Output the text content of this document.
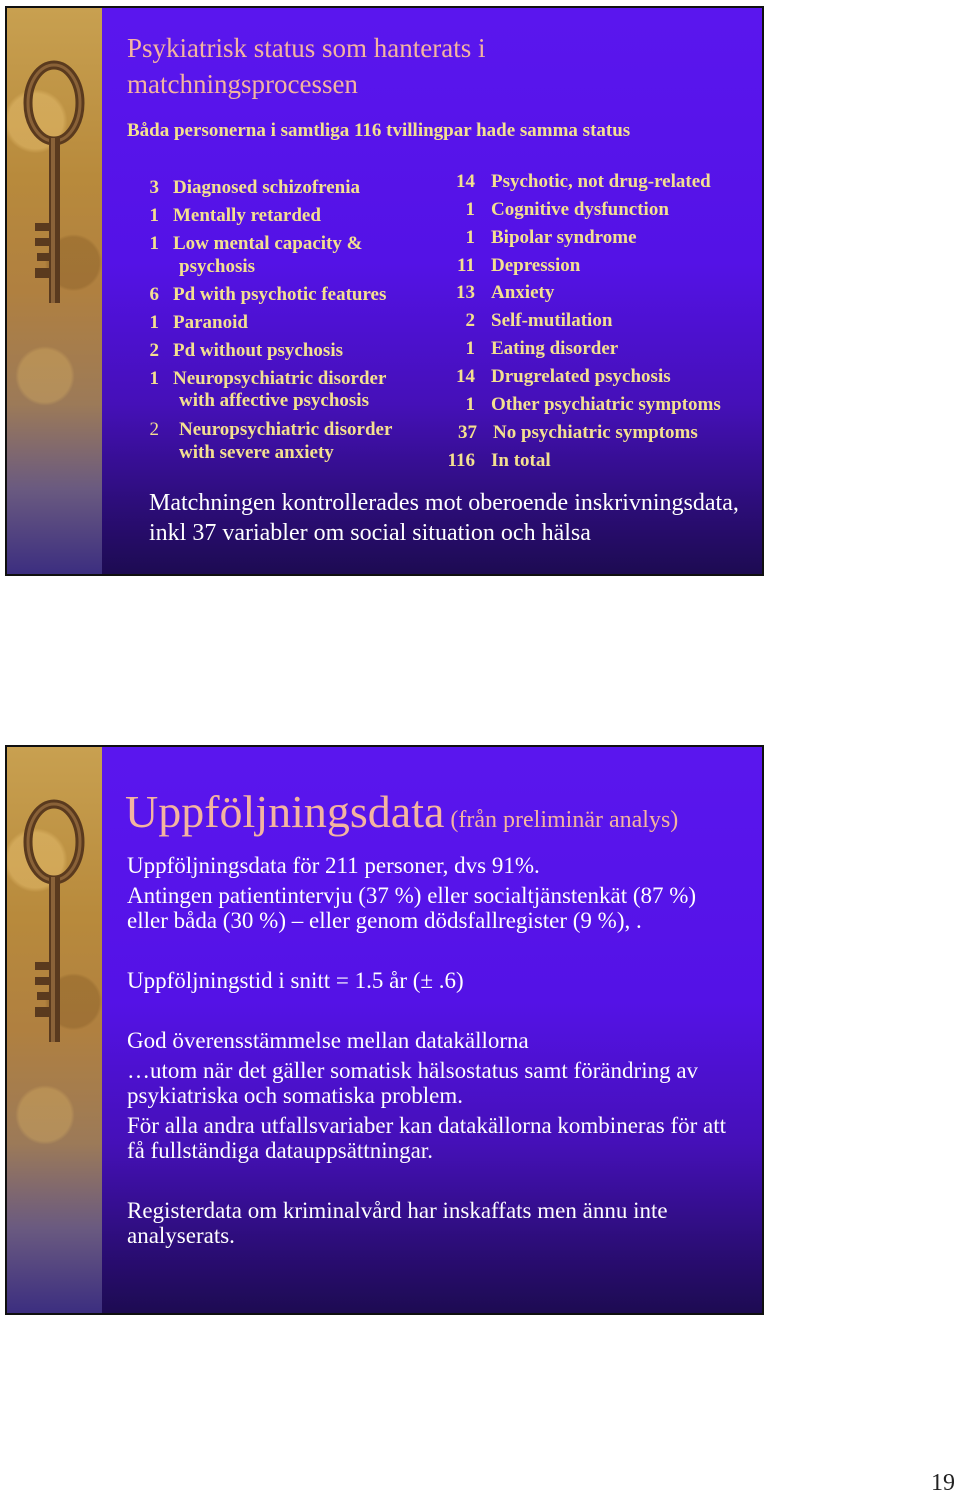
Psykiatrisk status som hanterats i matchningsprocessen
Båda personerna i samtliga 116 tvillingpar hade samma status
3 Diagnosed schizofrenia
1 Mentally retarded
1 Low mental capacity &
psychosis
6 Pd with psychotic features
1 Paranoid
2 Pd without psychosis
1 Neuropsychiatric disorder
with affective psychosis
2 Neuropsychiatric disorder
with severe anxiety
14 Psychotic, not drug-related
1 Cognitive dysfunction
1 Bipolar syndrome
11 Depression
13 Anxiety
2 Self-mutilation
1 Eating disorder
14 Drugrelated psychosis
1 Other psychiatric symptoms
37 No psychiatric symptoms
116 In total
Matchningen kontrollerades mot oberoende inskrivningsdata, inkl 37 variabler om social situation och hälsa
Uppföljningsdata (från preliminär analys)

Uppföljningsdata för 211 personer, dvs 91%.

Antingen patientintervju (37 %) eller socialtjänstenkät (87 %) eller båda (30 %) – eller genom dödsfallregister (9 %), .

Uppföljningstid i snitt = 1.5 år (± .6)

God överensstämmelse mellan datakällorna

…utom när det gäller somatisk hälsostatus samt förändring av psykiatriska och somatiska problem.

För alla andra utfallsvariaber kan datakällorna kombineras för att få fullständiga datauppsättningar.

Registerdata om kriminalvård har inskaffats men ännu inte analyserats.

19
